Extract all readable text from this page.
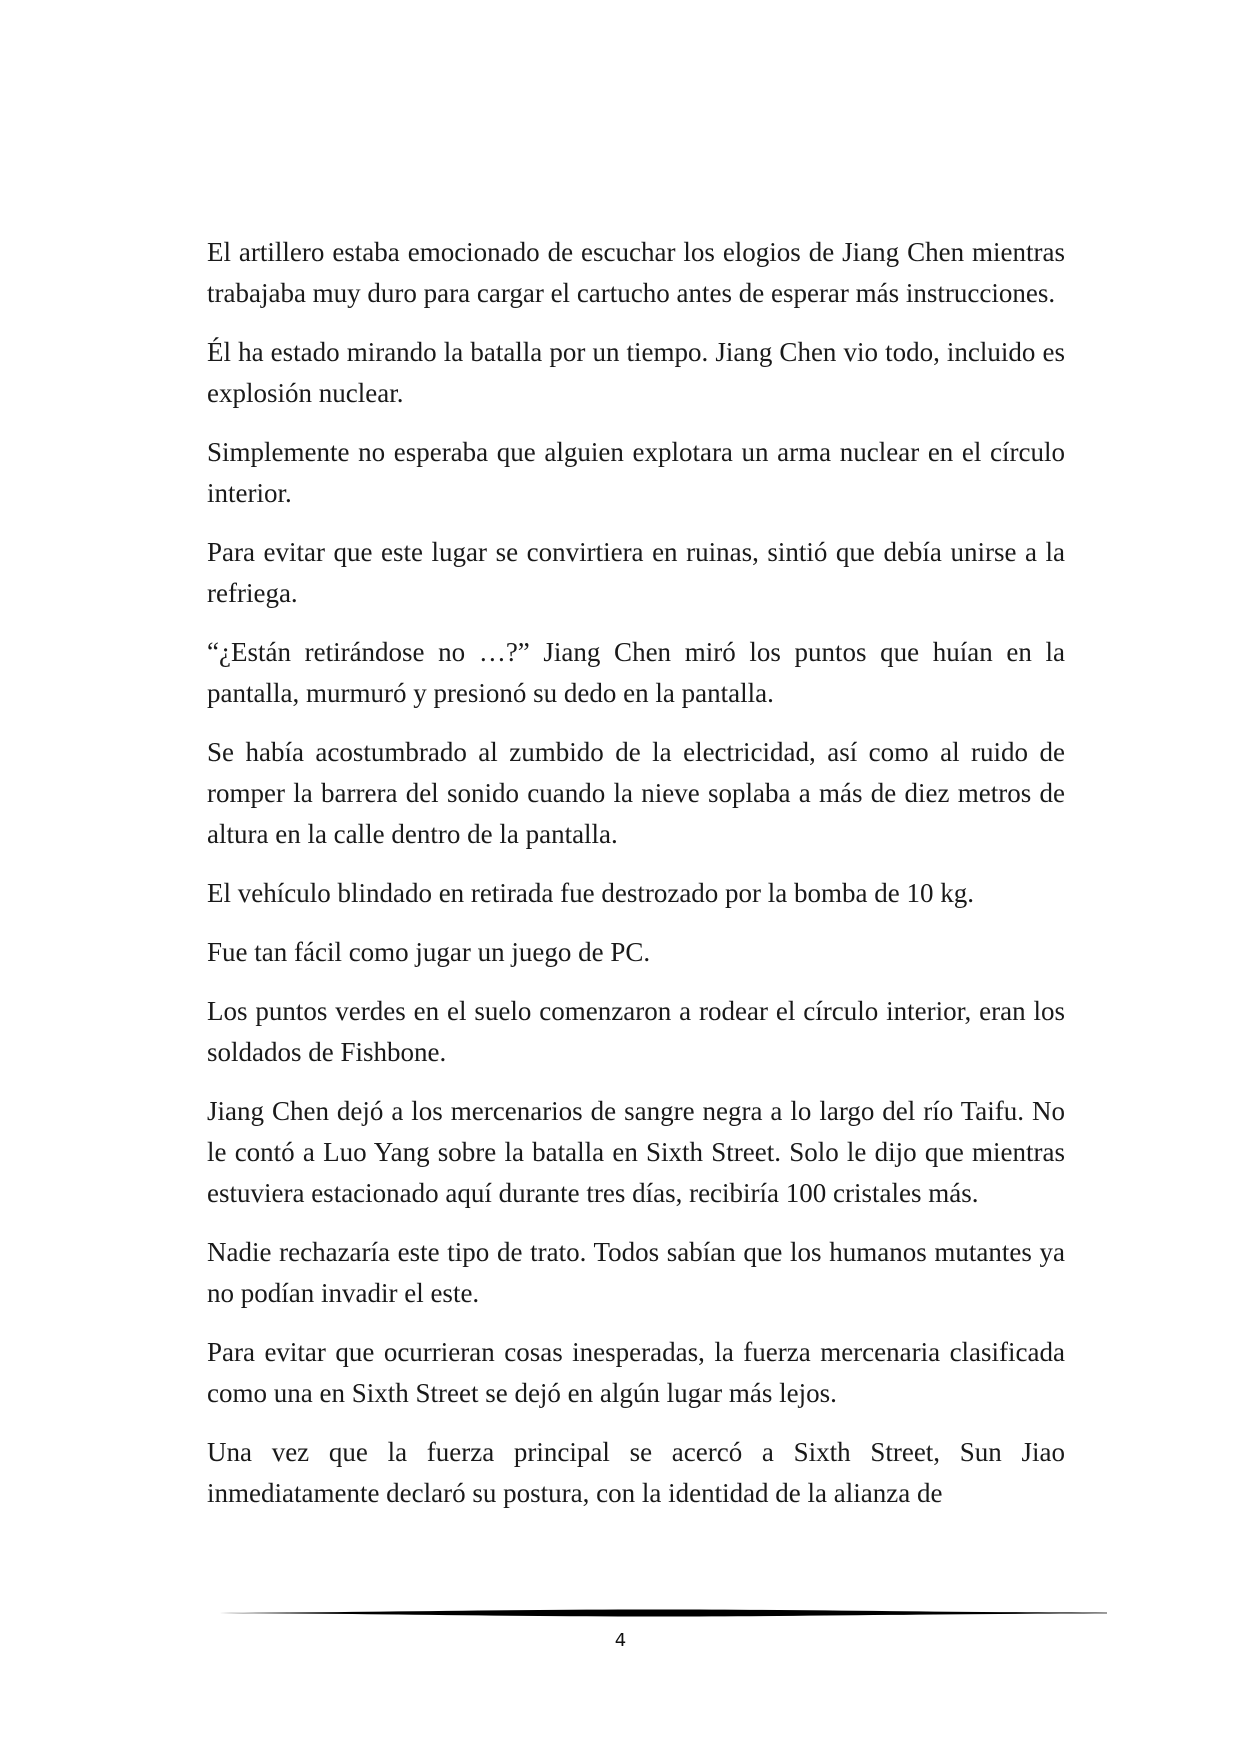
El artillero estaba emocionado de escuchar los elogios de Jiang Chen mientras trabajaba muy duro para cargar el cartucho antes de esperar más instrucciones.

Él ha estado mirando la batalla por un tiempo. Jiang Chen vio todo, incluido es explosión nuclear.

Simplemente no esperaba que alguien explotara un arma nuclear en el círculo interior.

Para evitar que este lugar se convirtiera en ruinas, sintió que debía unirse a la refriega.

“¿Están retirándose no …?” Jiang Chen miró los puntos que huían en la pantalla, murmuró y presionó su dedo en la pantalla.

Se había acostumbrado al zumbido de la electricidad, así como al ruido de romper la barrera del sonido cuando la nieve soplaba a más de diez metros de altura en la calle dentro de la pantalla.

El vehículo blindado en retirada fue destrozado por la bomba de 10 kg.

Fue tan fácil como jugar un juego de PC.

Los puntos verdes en el suelo comenzaron a rodear el círculo interior, eran los soldados de Fishbone.

Jiang Chen dejó a los mercenarios de sangre negra a lo largo del río Taifu. No le contó a Luo Yang sobre la batalla en Sixth Street. Solo le dijo que mientras estuviera estacionado aquí durante tres días, recibiría 100 cristales más.

Nadie rechazaría este tipo de trato. Todos sabían que los humanos mutantes ya no podían invadir el este.

Para evitar que ocurrieran cosas inesperadas, la fuerza mercenaria clasificada como una en Sixth Street se dejó en algún lugar más lejos.

Una vez que la fuerza principal se acercó a Sixth Street, Sun Jiao inmediatamente declaró su postura, con la identidad de la alianza de

4
